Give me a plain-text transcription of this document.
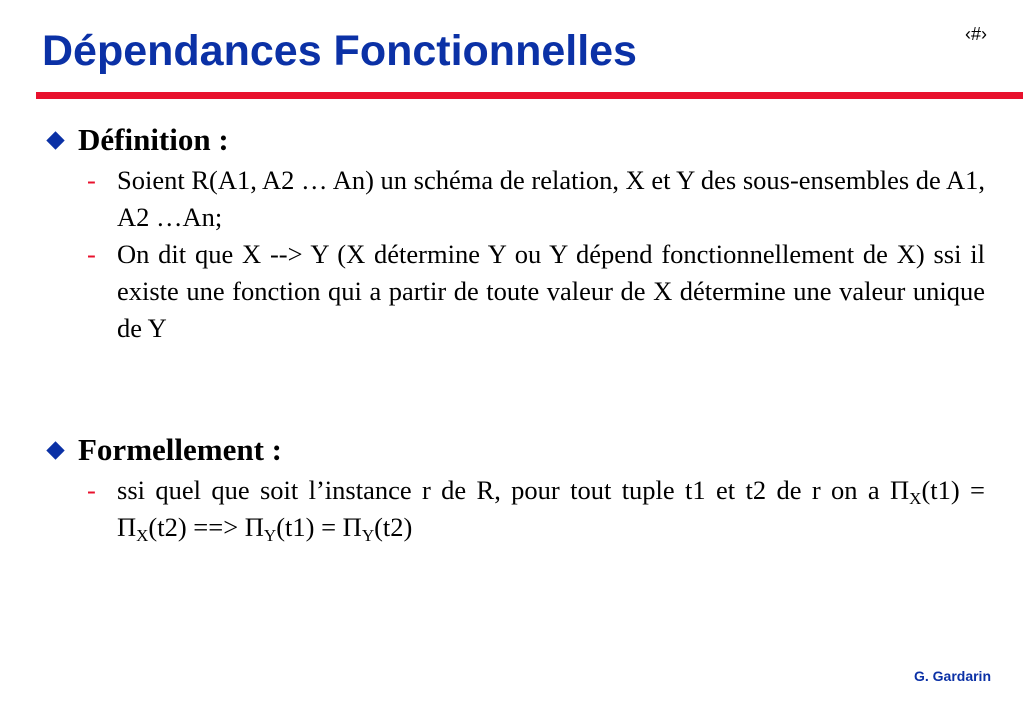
Dépendances Fonctionnelles	‹#›
Définition :
- Soient R(A1, A2 … An) un schéma de relation, X et Y des sous-ensembles de A1, A2 …An;
- On dit que X --> Y (X détermine Y ou Y dépend fonctionnellement de X) ssi il existe une fonction qui a partir de toute valeur de X détermine une valeur unique de Y
Formellement :
- ssi quel que soit l’instance r de R, pour tout tuple t1 et t2 de r on a $\Pi_X(t1) = \Pi_X(t2)$ ==> $\Pi_Y(t1) = \Pi_Y(t2)$
G. Gardarin
